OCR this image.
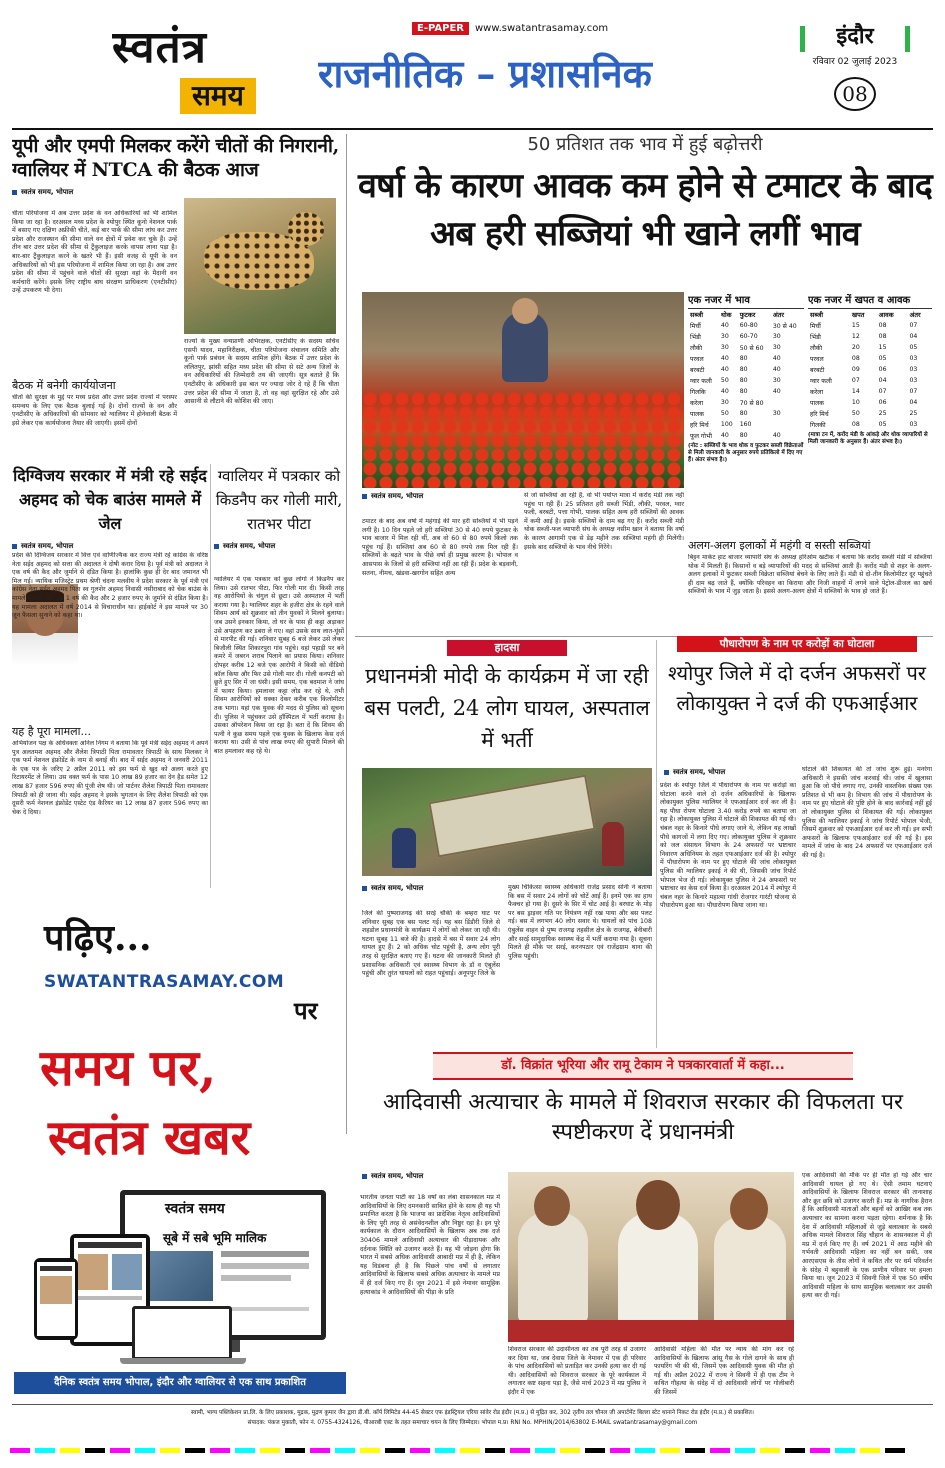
स्वतंत्र
समय
E-PAPER	www.swatantrasamay.com
राजनीतिक – प्रशासनिक
इंदौर
रविवार 02 जुलाई 2023
08
यूपी और एमपी मिलकर करेंगे चीतों की निगरानी, ग्वालियर में NTCA की बैठक आज
स्वतंत्र समय, भोपाल
चीता परियोजना में अब उत्तर प्रदेश के वन अधिकारियों को भी शामिल किया जा रहा है। दरअसल मध्य प्रदेश के श्योपुर स्थित कूनो नेशनल पार्क में बसाए गए दक्षिण अफ्रीकी चीते, कई बार पार्क की सीमा लांघ कर उत्तर प्रदेश और राजस्थान की सीमा वाले वन क्षेत्रों में प्रवेश कर चुके हैं। उन्हें तीन बार उत्तर प्रदेश की सीमा से ट्रैंकुलाइज करके वापस लाना पड़ा है। बार-बार ट्रैंकुलाइज करने के खतरे भी हैं। इसी वजह से यूपी के वन अधिकारियों को भी इस परियोजना में शामिल किया जा रहा है। अब उत्तर प्रदेश की सीमा में पहुंचने वाले चीतों की सुरक्षा वहां के मैदानी वन कर्मचारी करेंगे। इसके लिए राष्ट्रीय बाघ संरक्षण प्राधिकरण (एनटीसीए) उन्हें उपकरण भी देगा।
बैठक में बनेगी कार्ययोजना
चीतों की सुरक्षा के मुद्दे पर मध्य प्रदेश और उत्तर प्रदेश राज्यों में परस्पर समन्वय के लिए एक बैठक बुलाई गई है। दोनों राज्यों के वन और एनटीसीए के अधिकारियों की सोमवार को ग्वालियर में होनेवाली बैठक में इसे लेकर एक कार्ययोजना तैयार की जाएगी। इसमें दोनों
राज्यों के मुख्य वन्यप्राणी अभिरक्षक, एनटीसीए के सदस्य सचिव एसपी यादव, महानिरीक्षक, चीता परियोजना संचालन समिति और कूनो पार्क प्रबंधन के सदस्य शामिल होंगे। बैठक में उत्तर प्रदेश के ललितपुर, झांसी सहित मध्य प्रदेश की सीमा से सटे अन्य जिलों के वन अधिकारियों की जिम्मेदारी तय की जाएगी। सूत्र बताते हैं कि एनटीसीए के अधिकारी इस बात पर ज्यादा जोर दे रहे हैं कि चीता उत्तर प्रदेश की सीमा में जाता है, तो वह वहां सुरक्षित रहे और उसे आसानी से लौटाने की कोशिश की जाए।
50 प्रतिशत तक भाव में हुई बढ़ोत्तरी
वर्षा के कारण आवक कम होने से टमाटर के बाद अब हरी सब्जियां भी खाने लगीं भाव
स्वतंत्र समय, भोपाल
टमाटर के बाद अब वर्षा में महंगाई की मार हरी सब्जियों में भी पड़ने लगी है। 10 दिन पहले जो हरी सब्जियां 30 से 40 रुपये फुटकर के भाव बाजार में मिल रही थीं, अब वो 60 से 80 रुपये किलो तक पहुंच गई हैं। सब्जियां अब 60 से 80 रुपये तक मिल रही हैं। सब्जियों के बढ़ते भाव के पीछे वर्षा ही प्रमुख कारण है। भोपाल व आसपास के जिलों से हरी सब्जियां नहीं आ रही हैं। प्रदेश के बड़वानी, सतना, नीमच, खंडवा-खरगोन सहित अन्य
से जो सब्जियां आ रही हैं, वो भी पर्याप्त मात्रा में करोंद मंडी तक नहीं पहुंच पा रही हैं। 25 प्रतिशत हरी सब्जी भिंडी, लौकी, परवल, ग्वार फली, बरबटी, पत्ता गोभी, पालक सहित अन्य हरी सब्जियों की आवक में कमी आई है। इसके सब्जियों के दाम बढ़ गए हैं। करोंद सब्जी मंडी थोक सब्जी-फल व्यापारी संघ के अध्यक्ष नसीम खान ने बताया कि वर्षा के कारण आगामी एक से डेढ़ महीने तक सब्जियां महंगी ही मिलेंगी। इसके बाद सब्जियों के भाव नीचे गिरेंगे।
एक नजर में भाव
सब्जी	थोक	फुटकर	अंतर
मिर्ची	40	60-80	30 से 40
भिंडी	30	60-70	30
लौकी	30	50 से 60	30
परवल	40	80	40
बरबटी	40	80	40
ग्वार फली	50	80	30
गिलकि	40	80	40
करेला	30	70 से 80	
पालक	50	80	30
हरि मिर्च	100	160	
फूल गोभी	40	80	40
(नोट : सब्जियों के भाव थोक व फुटकर सब्जी विक्रेताओं से मिली जानकारी के अनुसार रुपये प्रतिकिलो में दिए गए हैं। अंतर संभव है।)
एक नजर में खपत व आवक
सब्जी	खपत	आवक	अंतर
मिर्ची	15	08	07
भिंडी	12	08	04
लौकी	20	15	05
परवल	08	05	03
बरबटी	09	06	03
ग्वार फली	07	04	03
करेला	14	07	07
पालक	10	06	04
हरि मिर्च	50	25	25
गिलकी	08	05	03
(मात्रा टन में, करोंद मंडी के आंकड़े और थोक व्यापारियों से मिली जानकारी के अनुसार हैं। अंतर संभव है।)
अलग-अलग इलाकों में महंगी व सस्ती सब्जियां
बिट्टन मार्केट हाट बाजार व्यापारी संघ के अध्यक्ष हरिओम खटीक ने बताया कि करोंद सब्जी मंडी में सब्जियां थोक में मिलती हैं। किसानों व बड़े व्यापारियों की मदद से सब्जियां आती हैं। करोंद मंडी से शहर के अलग-अलग इलाकों में फुटकर सब्जी विक्रेता सब्जियां बेचने के लिए लाते हैं। मंडी से दो-तीन किलोमीटर दूर पहुंचते ही दाम बढ़ जाते हैं, क्योंकि परिवहन का किराया और निजी वाहनों में लगने वाले पेट्रोल-डीजल का खर्च सब्जियों के भाव में जुड़ जाता है। इससे अलग-अलग क्षेत्रों में सब्जियों के भाव हो जाते हैं।
दिग्विजय सरकार में मंत्री रहे सईद अहमद को चेक बाउंस मामले में जेल
स्वतंत्र समय, भोपाल
प्रदेश की दिग्विजय सरकार में वित्त एवं वाणिज्यिक कर राज्य मंत्री रहे कांग्रेस के वरिष्ठ नेता सईद अहमद को सत्ता की अदालत ने दोषी करार दिया है। पूर्व मंत्री को अदालत ने एक वर्ष की कैद और जुर्माने से दंडित किया है। हालांकि कुछ ही देर बाद जमानत भी मिल गई। न्यायिक मजिस्ट्रेट प्रथम श्रेणी चंदना मलवीय ने प्रदेश सरकार के पूर्व मंत्री एवं कांग्रेस नेता सईद अहमद पिता स्व गुलशेर अहमद निवासी नसीराबाद को चेक बाउंस के मामले में दोषी पाते हुए 1 वर्ष की कैद और 2 हजार रुपए के जुर्माने से दंडित किया है। यह मामला अदालत में वर्ष 2014 से विचाराधीन था। हाईकोर्ट ने इस मामले पर 30 जून फैसला सुनाने को कहा था।
यह है पूरा मामला...
अभियोजन पक्ष के अधिवक्ता अनिल निगम ने बताया कि पूर्व मंत्री सईद अहमद ने अपने पुत्र अलतमश अहमद और शैलेश त्रिपाठी पिता रामावतार त्रिपाठी के साथ मिलकर ने एक फर्म नेशनल इंफ्रोडेंट के नाम से बनाई थी। बाद में सईद अहमद ने जनवरी 2011 के एक पत्र के जरिए 2 अप्रैल 2011 को इस फर्म से खुद को अलग करते हुए रिटायरमेंट ले लिया। उस वक्त फर्म के पास 10 लाख 89 हजार का देन हैड समेत 12 लाख 87 हजार 596 रुपए की पूंजी शेष थी। जो पार्टनर शैलेश त्रिपाठी पिता रामावतार त्रिपाठी को ही जाना थी। सईद अहमद ने इसके भुगतान के लिए शैलेश त्रिपाठी को एक दूसरी फर्म नेशनल इंफ्रोडेंट एस्टेट एंड कैरियर का 12 लाख 87 हजार 596 रुपए का चेक दे दिया।
ग्वालियर में पत्रकार को किडनैप कर गोली मारी, रातभर पीटा
स्वतंत्र समय, भोपाल
ग्वालियर में एक पत्रकार को कुछ लोगों ने किडनैप कर लिया। उसे रातभर पीटा, फिर गोली मार दी। किसी तरह वह आरोपियों के चंगुल से छूटा। उसे अस्पताल में भर्ती कराया गया है। ग्वालियर शहर के हजीरा क्षेत्र के रहने वाले शिवम आर्य को शुक्रवार को तीन युवकों ने मिलने बुलाया। जब उसने इनकार किया, तो घर के पास ही कट्टा अड़ाकर उसे अपहरण कर डबरा ले गए। वहां उसके साथ लात-घूंसों से मारपीट की गई। शनिवार सुबह 6 बजे लेकर उसे लेकर बिजौली स्थित शिकारपुरा गांव पहुंचे। वहां पहाड़ी पर बने कमरे में जबरन शराब पिलाने का प्रयास किया। शनिवार दोपहर करीब 12 बजे एक आरोपी ने किसी को वीडियो कॉल किया और फिर उसे गोली मार दी। गोली कनपटी को छूते हुए सिर में जा धंसी। इसी समय, एक बदमाश ने जांघ में फायर किया। हमलावर कट्टा लोड कर रहे थे, तभी शिवम आरोपियों को धक्का देकर करीब एक किलोमीटर तक भागा। यहां एक युवक की मदद से पुलिस को सूचना दी। पुलिस ने पहुंचकर उसे हॉस्पिटल में भर्ती कराया है। उसका ऑपरेशन किया जा रहा है। बता दें कि शिवम की पत्नी ने कुछ समय पहले एक युवक के खिलाफ केस दर्ज कराया था। उसी से पांच लाख रुपए की सुपारी मिलने की बात हमलावर कह रहे थे।
हादसा
प्रधानमंत्री मोदी के कार्यक्रम में जा रही बस पलटी, 24 लोग घायल, अस्पताल में भर्ती
स्वतंत्र समय, भोपाल
जिले की पुष्पराजगढ़ की सरई चौकी के बम्हरा घाट पर शनिवार सुबह एक बस पलट गई। यह बस डिंडौरी जिले से शहडोल प्रधानमंत्री के कार्यक्रम में लोगों को लेकर जा रही थी। घटना सुबह 11 बजे की है। हादसे में बस में सवार 24 लोग घायल हुए हैं। 2 को अधिक चोट पहुंची है, अन्य लोग पूरी तरह से सुरक्षित बताए गए हैं। घटना की जानकारी मिलते ही प्रशासनिक अधिकारी एवं स्वास्थ्य विभाग के डॉ व एंबुलेंस पहुंची और तुरंत घायलों को राहत पहुंचाई। अनूपपुर जिले के
मुख्य चिकित्सा स्वास्थ्य अधिकारी राजेंद्र प्रसाद सोनी ने बताया कि बस में सवार 24 लोगों को चोटें आई हैं। इनमें एक का हाथ फैक्चर हो गया है। दूसरे के सिर में चोट आई है। बरघाट के मोड़ पर बस ड्राइवर गति पर नियंत्रण नहीं रख पाया और बस पलट गई। बस में लगभग 40 लोग सवार थे। घायलों को पांच 108 एंबुलेंस वाहन से पुष्प राजगढ़ तहसील क्षेत्र के राजगढ़, बेनीबारी और सरई सामुदायिक स्वास्थ्य केंद्र में भर्ती कराया गया है। सूचना मिलते ही मौके पर सरई, करनपठार एवं राजेंद्रग्राम थाना की पुलिस पहुंची।
पौधारोपण के नाम पर करोड़ों का घोटाला
श्योपुर जिले में दो दर्जन अफसरों पर लोकायुक्त ने दर्ज की एफआईआर
स्वतंत्र समय, भोपाल
प्रदेश के श्योपुर जिले में पौधारोपण के नाम पर करोड़ों का घोटाला करने वाले दो दर्जन अधिकारियों के खिलाफ लोकायुक्त पुलिस ग्वालियर ने एफआईआर दर्ज कर ली है। यह पौधा रोपण घोटाला 3.40 करोड़ रुपये का बताया जा रहा है। लोकायुक्त पुलिस में घोटाले की शिकायत की गई थी। चंबल नहर के किनारे पौधे लगाए जाने थे, लेकिन यह लाखों पौधे कागजों में लगा दिए गए। लोकायुक्त पुलिस ने शुक्रवार को जल संसाधन विभाग के 24 अफसरों पर भ्रष्टाचार निवारण अधिनियम के तहत एफआईआर दर्ज की है। श्योपुर में पौधारोपण के नाम पर हुए घोटाले की जांच लोकायुक्त पुलिस की ग्वालियर इकाई ने की थी, जिसकी जांच रिपोर्ट भोपाल भेज दी गई। लोकायुक्त पुलिस ने 24 अफसरों पर भ्रष्टाचार का केस दर्ज किया है। दरअसल 2014 में श्योपुर में चंबल नहर के किनारे महात्मा गांधी रोजगार गारंटी योजना से पौधारोपण हुआ था। पौधारोपण किया जाना था।
घोटाले की शिकायत की तो जांच शुरू हुई। मनरेगा अधिकारी ने इसकी जांच करवाई थी। जांच में खुलासा हुआ कि जो पौधे लगाए गए, उनकी वास्तविक संख्या एक प्रतिशत से भी कम है। विभाग की जांच में पौधारोपण के नाम पर हुए घोटाले की पुष्टि होने के बाद कार्रवाई नहीं हुई तो लोकायुक्त पुलिस से शिकायत की गई। लोकायुक्त पुलिस की ग्वालियर इकाई ने जांच रिपोर्ट भोपाल भेजी, जिसमें शुक्रवार को एफआईआर दर्ज कर ली गई। इन सभी अफसरों के खिलाफ एफआईआर दर्ज की गई है। इस मामले में जांच के बाद 24 अफसरों पर एफआईआर दर्ज की गई है।
पढ़िए...
SWATANTRASAMAY.COM
पर
समय पर,
स्वतंत्र खबर
स्वतंत्र समय
सूबे में सबे भूमि मालिक
दैनिक स्वतंत्र समय भोपाल, इंदौर और ग्वालियर से एक साथ प्रकाशित
डॉ. विक्रांत भूरिया और रामू टेकाम ने पत्रकारवार्ता में कहा...
आदिवासी अत्याचार के मामले में शिवराज सरकार की विफलता पर स्पष्टीकरण दें प्रधानमंत्री
स्वतंत्र समय, भोपाल
भारतीय जनता पार्टी का 18 वर्षों का लंबा शासनकाल मप्र में आदिवासियों के लिए दमनकारी साबित होने के साथ ही यह भी प्रमाणित करता है कि भाजपा का प्रादेशिक नेतृत्व आदिवासियों के लिए पूरी तरह से असंवेदनशील और निष्ठुर रहा है। इन पूरे कार्यकाल के दौरान आदिवासियों के खिलाफ अब तक दर्ज 30406 मामले आदिवासी अत्याचार की पीड़ादायक और दर्दनाक स्थिति को उजागर करते हैं। यह भी जोड़ना होगा कि भारत में सबसे अधिक आदिवासी आबादी मप्र में ही है, लेकिन यह विडंबना ही है कि पिछले पांच वर्षों से लगातार आदिवासियों के खिलाफ सबसे अधिक अत्याचार के मामले मप्र में ही दर्ज किए गए हैं। जून 2021 में इसे नेमावर सामूहिक हत्याकांड ने आदिवासियों की पीड़ा के प्रति
शिवराज सरकार की उदासीनता का तब पूरी तरह से उजागर कर दिया था, जब देवास जिले के नेमावर में एक ही परिवार के पांच आदिवासियों को प्रताड़ित कर उनकी हत्या कर दी गई थी। आदिवासियों को शिवराज सरकार के पूरे कार्यकाल में लगातार कष्ट सहना पड़ा है, जैसे मार्च 2023 में मप्र पुलिस ने इंदौर में एक
आदिवासी महिला की मौत पर न्याय की मांग कर रहे आदिवासियों के खिलाफ आंसू गैस के गोले दागने के साथ ही फायरिंग भी की थी, जिसमें एक आदिवासी युवक की मौत हो गई थी। अप्रैल 2022 में राज्य ने सिवनी में ही एक टीम ने कथित गौहत्या के संदेह में दो आदिवासी लोगों पर गोलीबारी की जिसमें
एक आदिवासी की मौके पर ही मौत हो गई और चार आदिवासी घायल हो गए थे। ऐसी तमाम घटनाएं आदिवासियों के खिलाफ शिवराज सरकार की तानाशाह और क्रूर छवि को उजागर करती हैं। मप्र के नागरिक हैरान हैं कि आदिवासी माताओं और बहनों को आखिर कब तक अत्याचार का सामना करना पड़ता रहेगा। शर्मनाक है कि देश में आदिवासी महिलाओं से जुड़े बलात्कार के सबसे अधिक मामले शिवराज सिंह चौहान के शासनकाल में ही मप्र में दर्ज किए गए हैं। वर्ष 2021 में आठ महीने की गर्भवती आदिवासी महिला का नहीं बन सकी, जब आरएसएस के तीस लोगों ने कथित तौर पर धर्म परिवर्तन के संदेह में बहुवाली के एक प्राणीय परिवार पर हमला किया था। जून 2023 में सिवनी जिले में एक 50 वर्षीय आदिवासी महिला के साथ सामूहिक बलात्कार कर उसकी हत्या कर दी गई।
स्वामी, भाग्य पब्लिकेशन प्रा.लि. के लिए प्रकाशक, मुद्रक, मुद्रण कुमार जैन द्वारा डी.बी. कॉर्प लिमिटेड 44-45 सेक्टर एफ इंडस्ट्रियल एरिया सांवेर रोड इंदौर (म.प्र.) से मुद्रित कर, 302 तृतीय तल चौनल जी अपार्टमेंट बिल्ला स्टेट थानाने निकट रोड इंदौर (म.प्र.) से प्रकाशित।
संपादक: पंकज मुकाती, फोन नं. 0755-4324126, पीआरबी एक्ट के तहत समाचार चयन के लिए जिम्मेदार। भोपाल म.प्र। RNI No. MPHIN/2014/63802 E-MAIL swatantrasamay@gmail.com
